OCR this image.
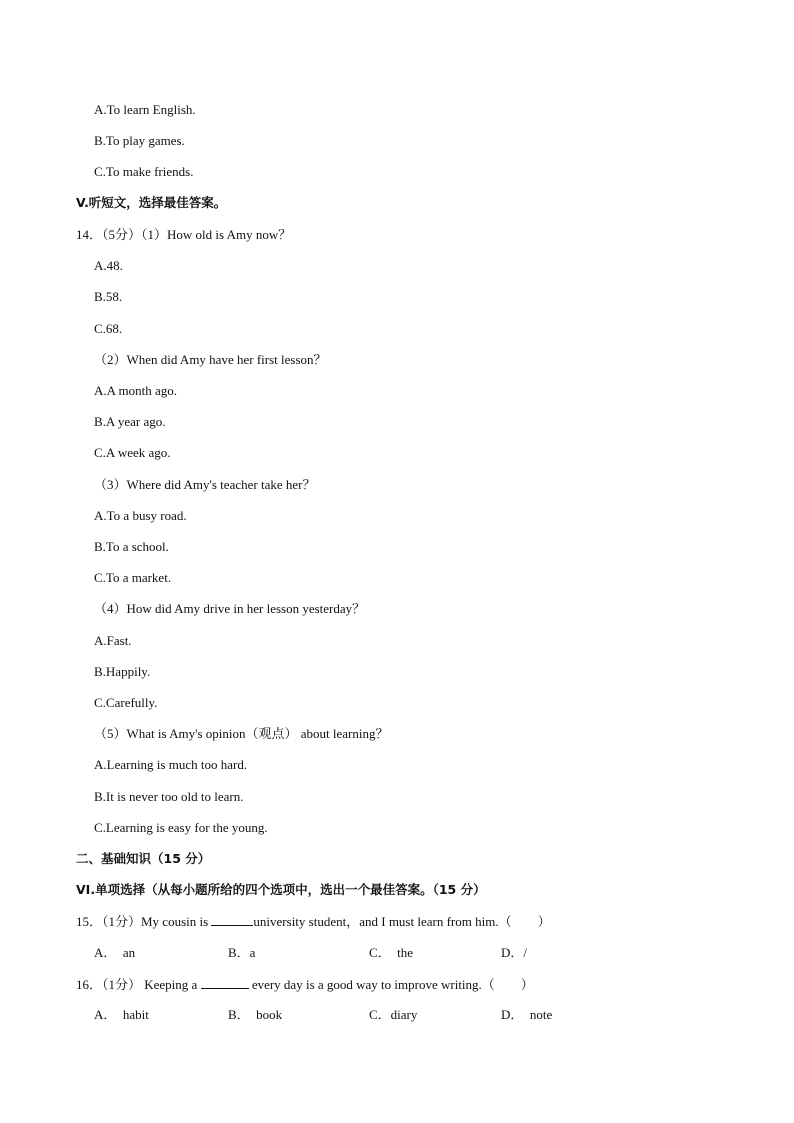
A.To learn English.
B.To play games.
C.To make friends.
V.听短文，选择最佳答案。
14．（5分）（1）How old is Amy now？
A.48.
B.58.
C.68.
（2）When did Amy have her first lesson？
A.A month ago.
B.A year ago.
C.A week ago.
（3）Where did Amy's teacher take her？
A.To a busy road.
B.To a school.
C.To a market.
（4）How did Amy drive in her lesson yesterday？
A.Fast.
B.Happily.
C.Carefully.
（5）What is Amy's opinion（观点） about learning？
A.Learning is much too hard.
B.It is never too old to learn.
C.Learning is easy for the young.
二、基础知识（15 分）
VI.单项选择（从每小题所给的四个选项中，选出一个最佳答案。（15 分）
15．（1分）My cousin is	university student，and I must learn from him.（　　）
A．  an	B．a	C．  the	D．/
16．（1分） Keeping a	every day is a good way to improve writing.（　　）
A．  habit	B．  book	C．diary	D．  note
